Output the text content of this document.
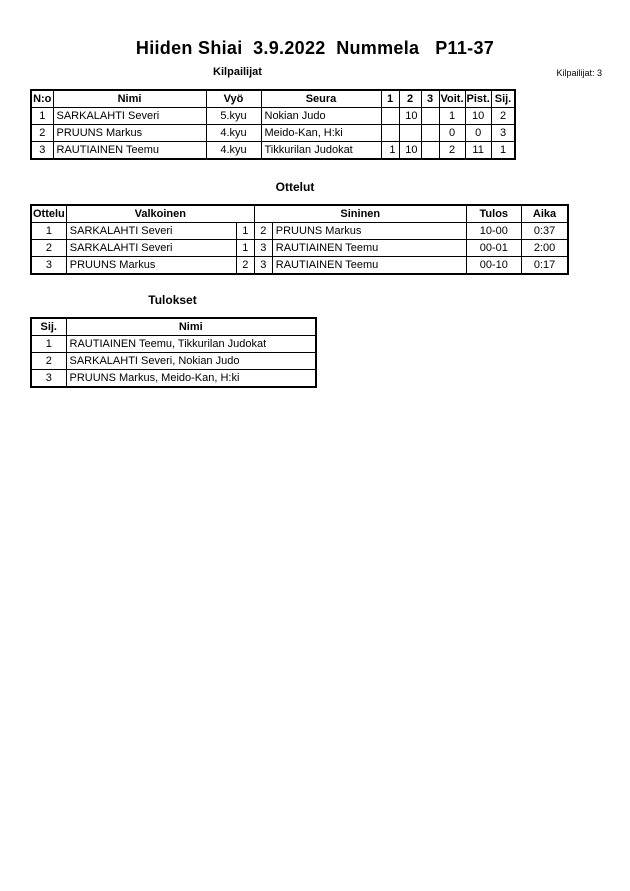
Hiiden Shiai  3.9.2022  Nummela   P11-37
Kilpailijat: 3
Kilpailijat
N:o	Nimi	Vyö	Seura	1	2	3	Voit.	Pist.	Sij.
1	SARKALAHTI Severi	5.kyu	Nokian Judo		10		1	10	2
2	PRUUNS Markus	4.kyu	Meido-Kan, H:ki				0	0	3
3	RAUTIAINEN Teemu	4.kyu	Tikkurilan Judokat	1	10		2	11	1
Ottelut
Ottelu	Valkoinen		Sininen		Tulos	Aika
1	SARKALAHTI Severi	1	2	PRUUNS Markus	10-00	0:37
2	SARKALAHTI Severi	1	3	RAUTIAINEN Teemu	00-01	2:00
3	PRUUNS Markus	2	3	RAUTIAINEN Teemu	00-10	0:17
Tulokset
Sij.	Nimi
1	RAUTIAINEN Teemu, Tikkurilan Judokat
2	SARKALAHTI Severi, Nokian Judo
3	PRUUNS Markus, Meido-Kan, H:ki
